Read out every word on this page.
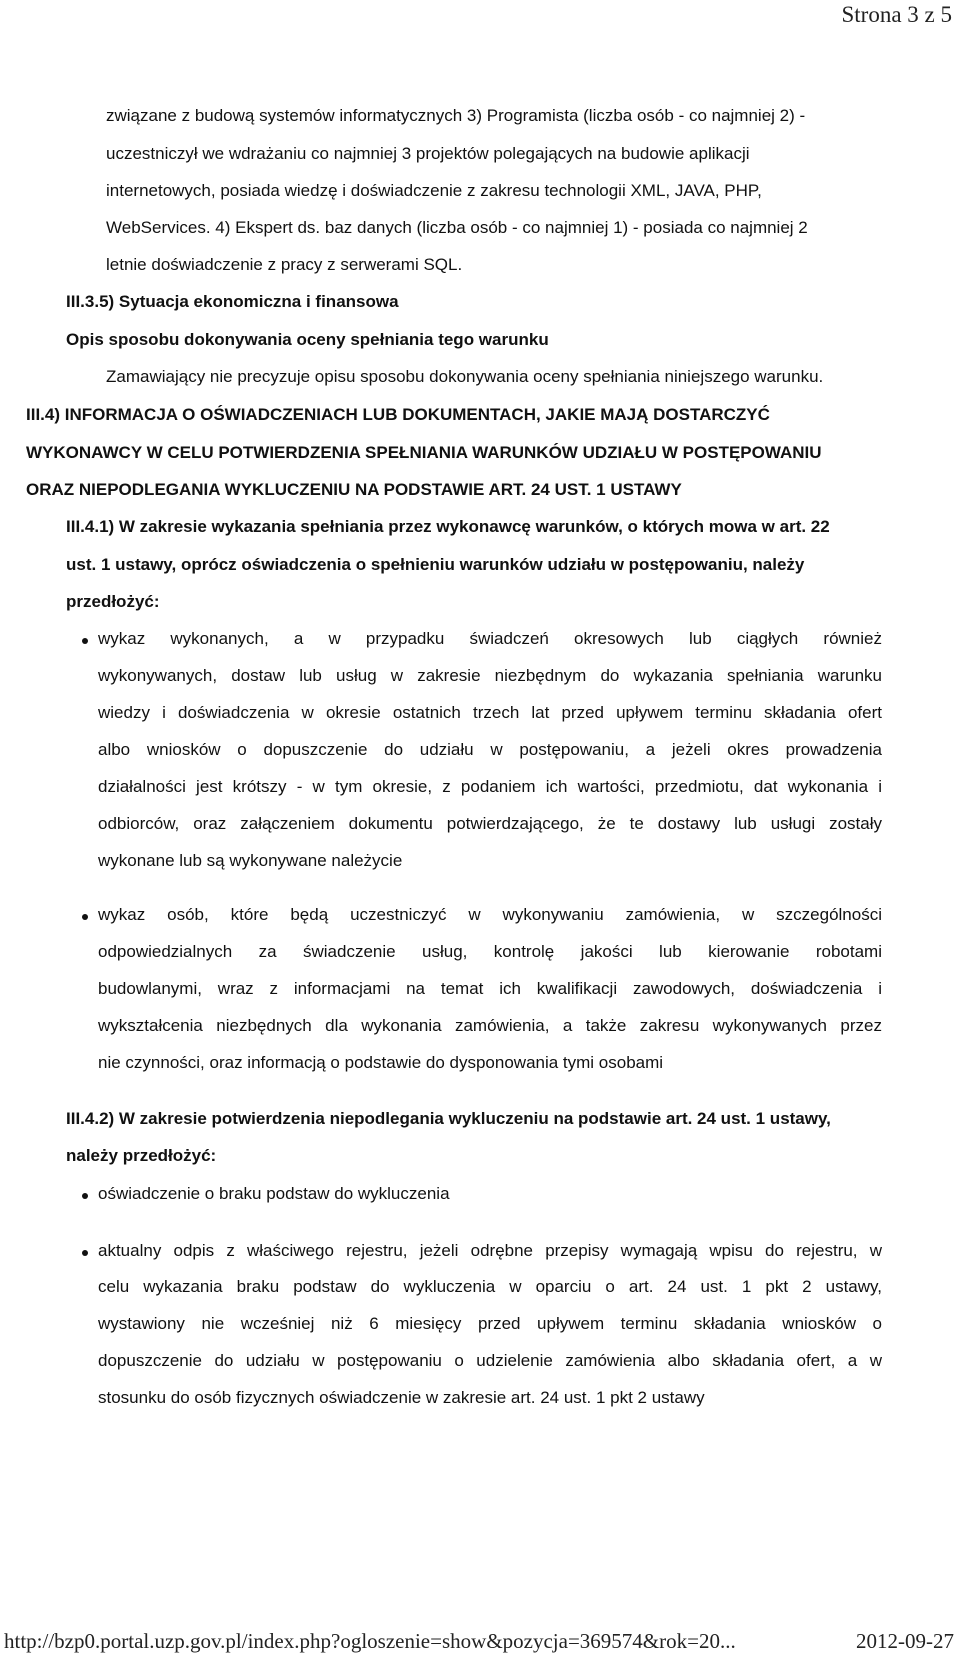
Strona 3 z 5
związane z budową systemów informatycznych 3) Programista (liczba osób - co najmniej 2) -
uczestniczył we wdrażaniu co najmniej 3 projektów polegających na budowie aplikacji
internetowych, posiada wiedzę i doświadczenie z zakresu technologii XML, JAVA, PHP,
WebServices. 4) Ekspert ds. baz danych (liczba osób - co najmniej 1) - posiada co najmniej 2
letnie doświadczenie z pracy z serwerami SQL.
III.3.5) Sytuacja ekonomiczna i finansowa
Opis sposobu dokonywania oceny spełniania tego warunku
Zamawiający nie precyzuje opisu sposobu dokonywania oceny spełniania niniejszego warunku.
III.4) INFORMACJA O OŚWIADCZENIACH LUB DOKUMENTACH, JAKIE MAJĄ DOSTARCZYĆ
WYKONAWCY W CELU POTWIERDZENIA SPEŁNIANIA WARUNKÓW UDZIAŁU W POSTĘPOWANIU
ORAZ NIEPODLEGANIA WYKLUCZENIU NA PODSTAWIE ART. 24 UST. 1 USTAWY
III.4.1) W zakresie wykazania spełniania przez wykonawcę warunków, o których mowa w art. 22
ust. 1 ustawy, oprócz oświadczenia o spełnieniu warunków udziału w postępowaniu, należy
przedłożyć:
wykaz wykonanych, a w przypadku świadczeń okresowych lub ciągłych również
wykonywanych, dostaw lub usług w zakresie niezbędnym do wykazania spełniania warunku
wiedzy i doświadczenia w okresie ostatnich trzech lat przed upływem terminu składania ofert
albo wniosków o dopuszczenie do udziału w postępowaniu, a jeżeli okres prowadzenia
działalności jest krótszy - w tym okresie, z podaniem ich wartości, przedmiotu, dat wykonania i
odbiorców, oraz załączeniem dokumentu potwierdzającego, że te dostawy lub usługi zostały
wykonane lub są wykonywane należycie
wykaz osób, które będą uczestniczyć w wykonywaniu zamówienia, w szczególności
odpowiedzialnych za świadczenie usług, kontrolę jakości lub kierowanie robotami
budowlanymi, wraz z informacjami na temat ich kwalifikacji zawodowych, doświadczenia i
wykształcenia niezbędnych dla wykonania zamówienia, a także zakresu wykonywanych przez
nie czynności, oraz informacją o podstawie do dysponowania tymi osobami
III.4.2) W zakresie potwierdzenia niepodlegania wykluczeniu na podstawie art. 24 ust. 1 ustawy,
należy przedłożyć:
oświadczenie o braku podstaw do wykluczenia
aktualny odpis z właściwego rejestru, jeżeli odrębne przepisy wymagają wpisu do rejestru, w
celu wykazania braku podstaw do wykluczenia w oparciu o art. 24 ust. 1 pkt 2 ustawy,
wystawiony nie wcześniej niż 6 miesięcy przed upływem terminu składania wniosków o
dopuszczenie do udziału w postępowaniu o udzielenie zamówienia albo składania ofert, a w
stosunku do osób fizycznych oświadczenie w zakresie art. 24 ust. 1 pkt 2 ustawy
http://bzp0.portal.uzp.gov.pl/index.php?ogloszenie=show&pozycja=369574&rok=20...	2012-09-27
